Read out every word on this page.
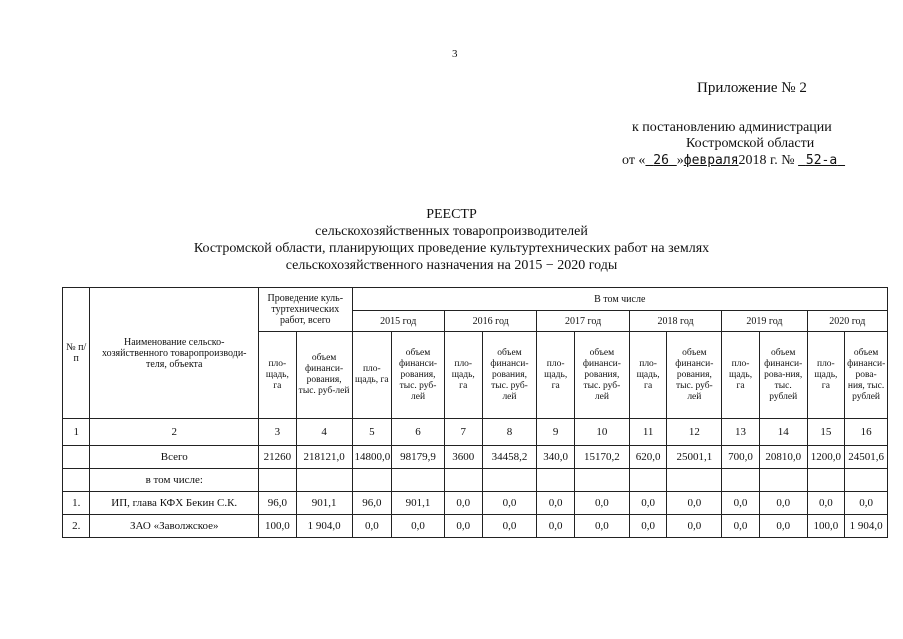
3
Приложение № 2
к постановлению администрации
Костромской области
от « 26 »февраля2018 г. № 52-а
РЕЕСТР
сельскохозяйственных товаропроизводителей
Костромской области, планирующих проведение культуртехнических работ на землях
сельскохозяйственного назначения на 2015 − 2020 годы
№ п/п	Наименование сельско-хозяйственного товаропроизводи-теля, объекта	Проведение куль-туртехнических работ, всего		В том числе											
				2015 год		2016 год		2017 год		2018 год		2019 год		2020 год	
		пло-щадь, га	объем финанси-рования, тыс. руб-лей	пло-щадь, га	объем финанси-рования, тыс. руб-лей	пло-щадь, га	объем финанси-рования, тыс. руб-лей	пло-щадь, га	объем финанси-рования, тыс. руб-лей	пло-щадь, га	объем финанси-рования, тыс. руб-лей	пло-щадь, га	объем финанси-рова-ния, тыс. рублей	пло-щадь, га	объем финанси-рова-ния, тыс. рублей
1	2	3	4	5	6	7	8	9	10	11	12	13	14	15	16
	Всего	21260	218121,0	14800,0	98179,9	3600	34458,2	340,0	15170,2	620,0	25001,1	700,0	20810,0	1200,0	24501,6
	в том числе:														
1.	ИП, глава КФХ Бекин С.К.	96,0	901,1	96,0	901,1	0,0	0,0	0,0	0,0	0,0	0,0	0,0	0,0	0,0	0,0
2.	ЗАО «Заволжское»	100,0	1 904,0	0,0	0,0	0,0	0,0	0,0	0,0	0,0	0,0	0,0	0,0	100,0	1 904,0
